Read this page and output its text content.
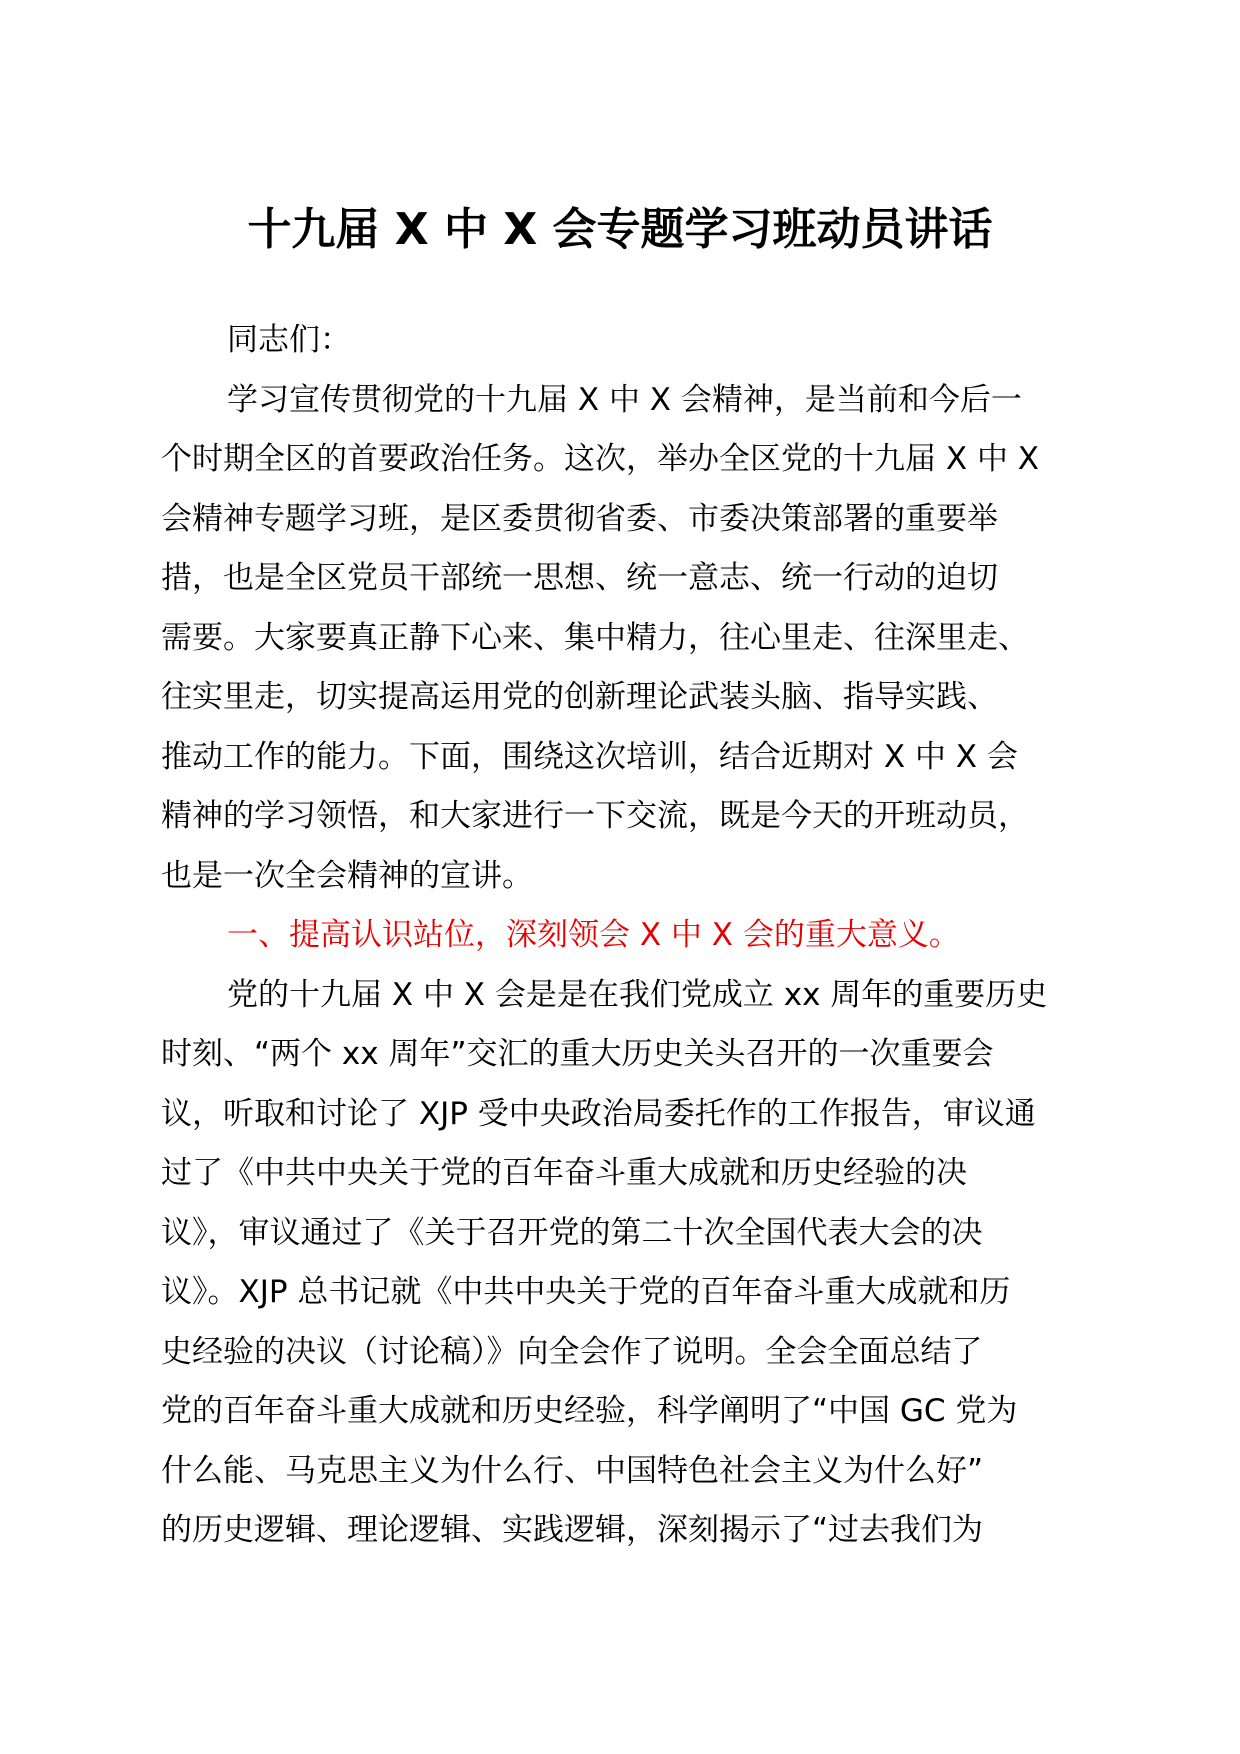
十九届 X 中 X 会专题学习班动员讲话
同志们：
学习宣传贯彻党的十九届 X 中 X 会精神，是当前和今后一
个时期全区的首要政治任务。这次，举办全区党的十九届 X 中 X
会精神专题学习班，是区委贯彻省委、市委决策部署的重要举
措，也是全区党员干部统一思想、统一意志、统一行动的迫切
需要。大家要真正静下心来、集中精力，往心里走、往深里走、
往实里走，切实提高运用党的创新理论武装头脑、指导实践、
推动工作的能力。下面，围绕这次培训，结合近期对 X 中 X 会
精神的学习领悟，和大家进行一下交流，既是今天的开班动员，
也是一次全会精神的宣讲。
一、提高认识站位，深刻领会 X 中 X 会的重大意义。
党的十九届 X 中 X 会是是在我们党成立 xx 周年的重要历史
时刻、“两个 xx 周年”交汇的重大历史关头召开的一次重要会
议，听取和讨论了 XJP 受中央政治局委托作的工作报告，审议通
过了《中共中央关于党的百年奋斗重大成就和历史经验的决
议》，审议通过了《关于召开党的第二十次全国代表大会的决
议》。XJP 总书记就《中共中央关于党的百年奋斗重大成就和历
史经验的决议（讨论稿）》向全会作了说明。全会全面总结了
党的百年奋斗重大成就和历史经验，科学阐明了“中国 GC 党为
什么能、马克思主义为什么行、中国特色社会主义为什么好”
的历史逻辑、理论逻辑、实践逻辑，深刻揭示了“过去我们为
